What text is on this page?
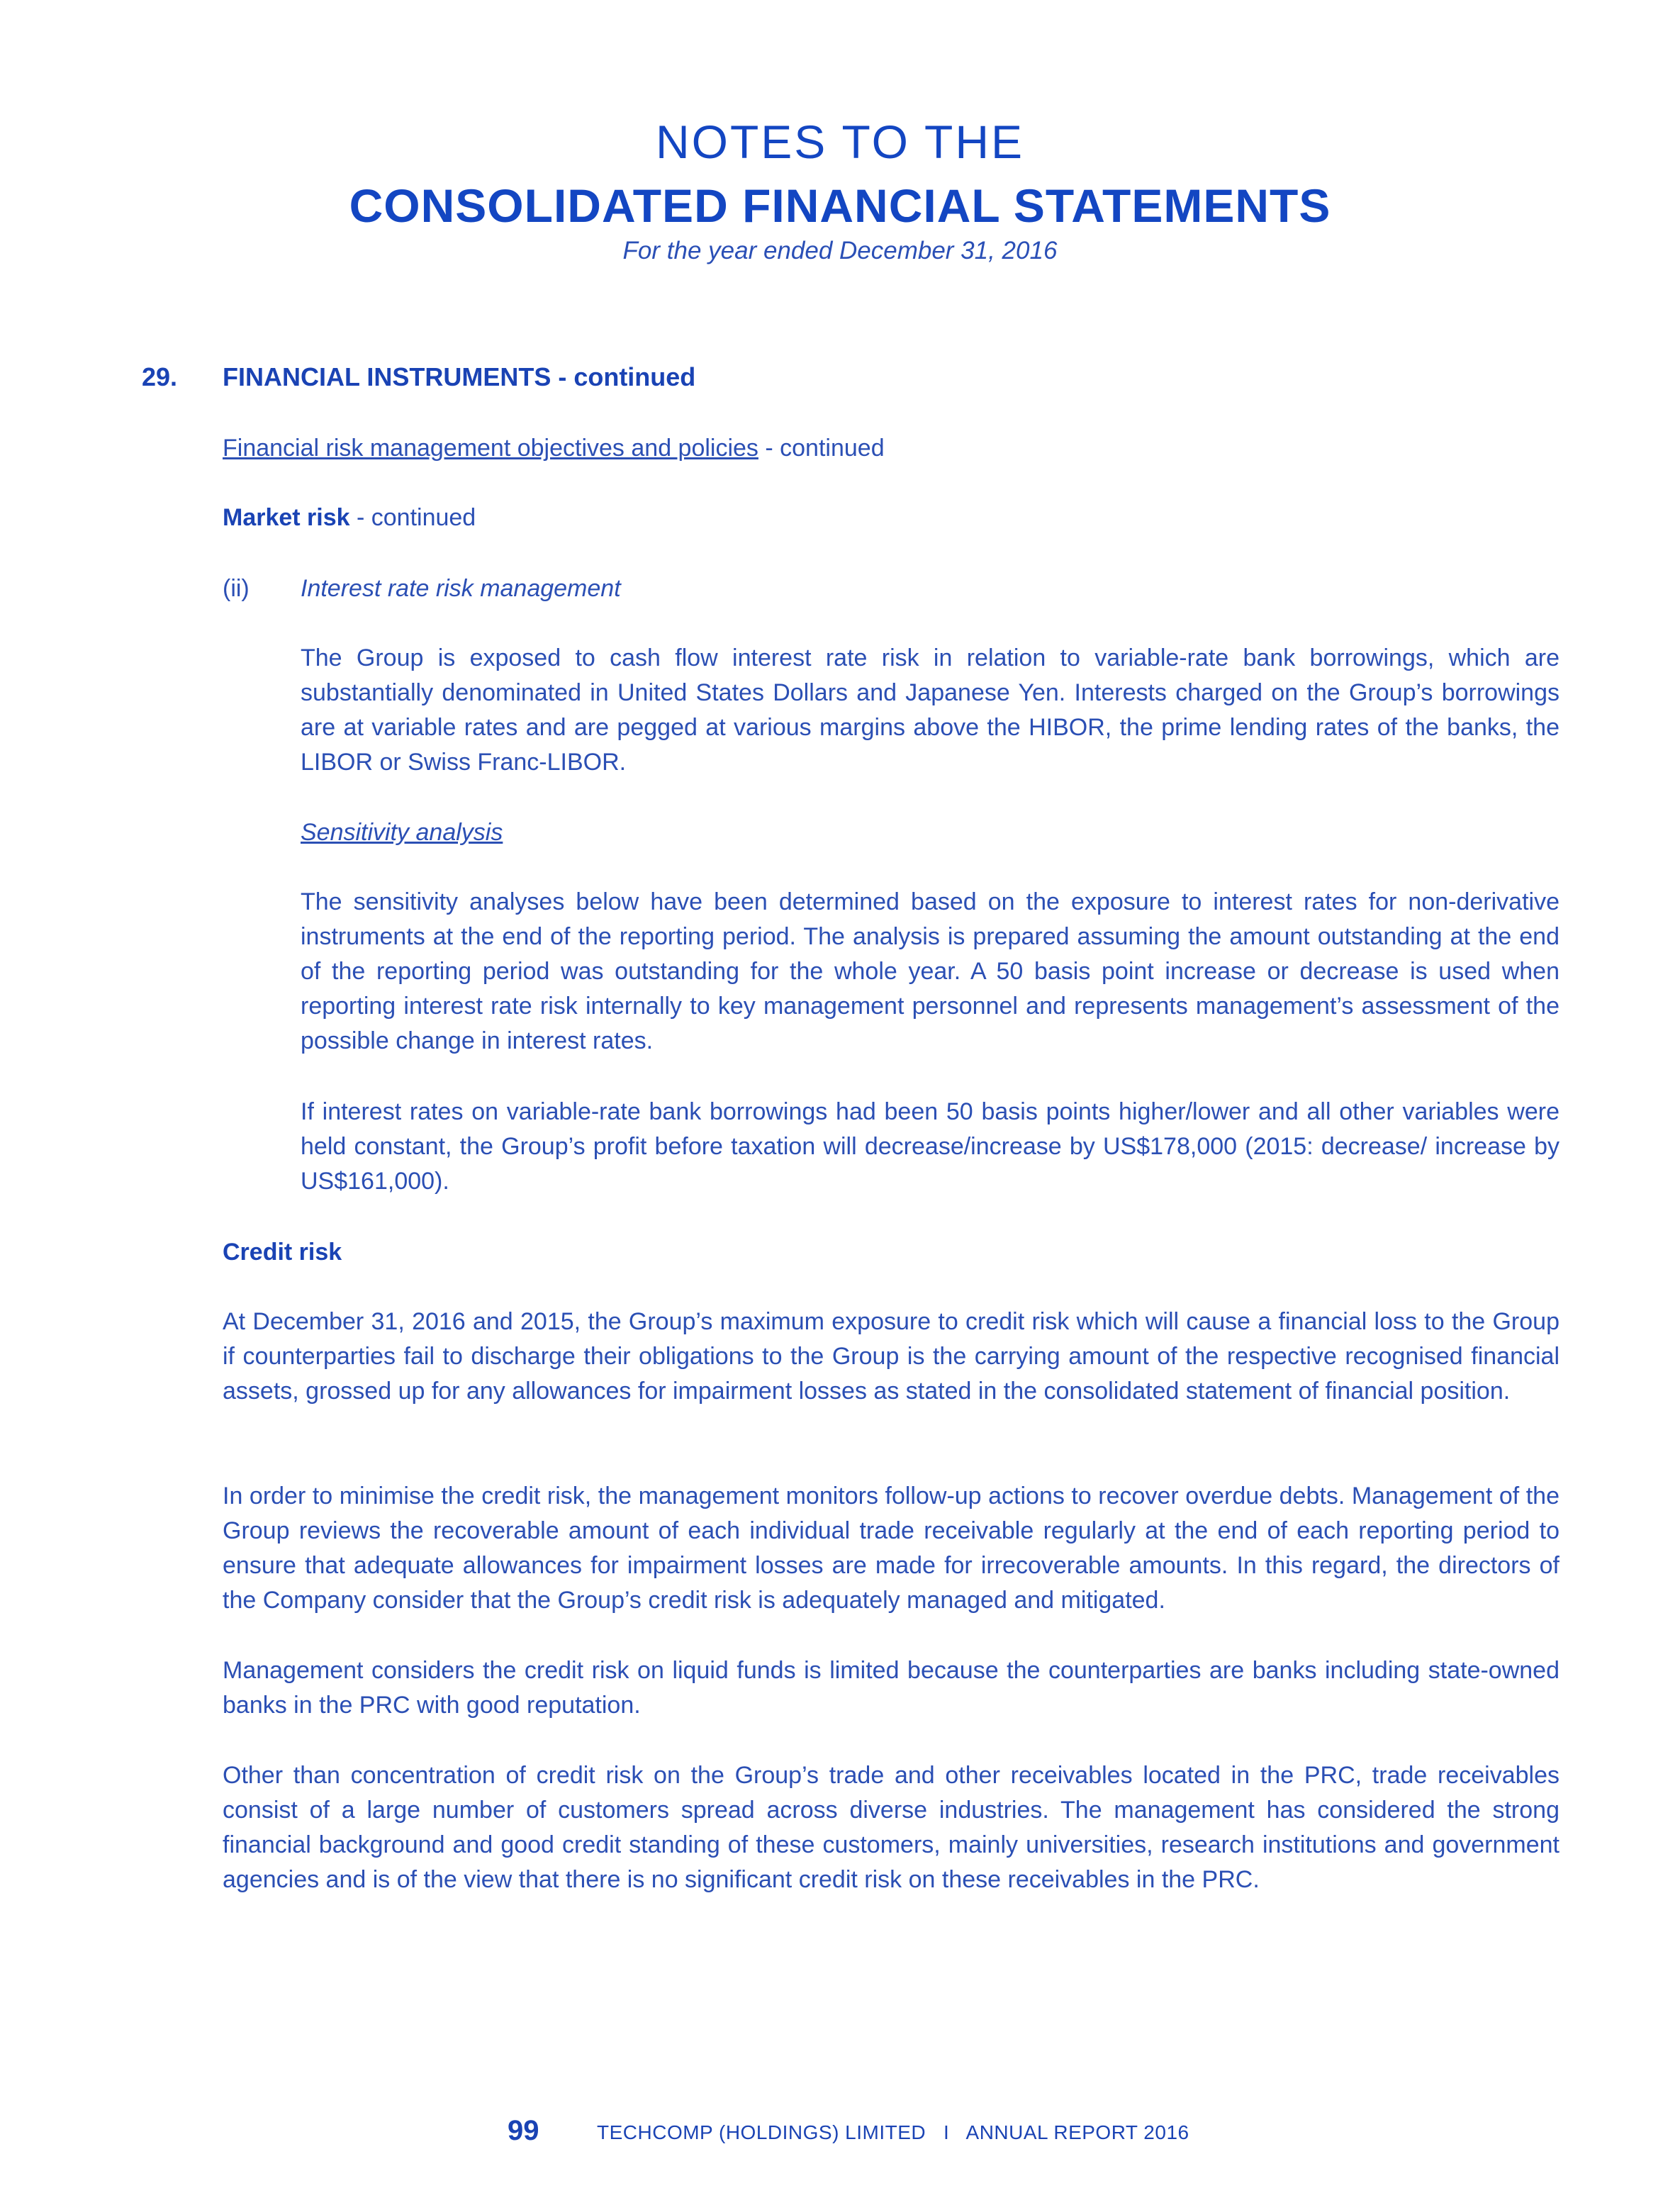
NOTES TO THE
CONSOLIDATED FINANCIAL STATEMENTS
For the year ended December 31, 2016
29. FINANCIAL INSTRUMENTS - continued
Financial risk management objectives and policies - continued
Market risk - continued
(ii) Interest rate risk management

The Group is exposed to cash flow interest rate risk in relation to variable-rate bank borrowings, which are substantially denominated in United States Dollars and Japanese Yen. Interests charged on the Group’s borrowings are at variable rates and are pegged at various margins above the HIBOR, the prime lending rates of the banks, the LIBOR or Swiss Franc-LIBOR.

Sensitivity analysis

The sensitivity analyses below have been determined based on the exposure to interest rates for non-derivative instruments at the end of the reporting period. The analysis is prepared assuming the amount outstanding at the end of the reporting period was outstanding for the whole year. A 50 basis point increase or decrease is used when reporting interest rate risk internally to key management personnel and represents management’s assessment of the possible change in interest rates.

If interest rates on variable-rate bank borrowings had been 50 basis points higher/lower and all other variables were held constant, the Group’s profit before taxation will decrease/increase by US$178,000 (2015: decrease/ increase by US$161,000).

Credit risk

At December 31, 2016 and 2015, the Group’s maximum exposure to credit risk which will cause a financial loss to the Group if counterparties fail to discharge their obligations to the Group is the carrying amount of the respective recognised financial assets, grossed up for any allowances for impairment losses as stated in the consolidated statement of financial position.

In order to minimise the credit risk, the management monitors follow-up actions to recover overdue debts. Management of the Group reviews the recoverable amount of each individual trade receivable regularly at the end of each reporting period to ensure that adequate allowances for impairment losses are made for irrecoverable amounts. In this regard, the directors of the Company consider that the Group’s credit risk is adequately managed and mitigated.

Management considers the credit risk on liquid funds is limited because the counterparties are banks including state-owned banks in the PRC with good reputation.

Other than concentration of credit risk on the Group’s trade and other receivables located in the PRC, trade receivables consist of a large number of customers spread across diverse industries. The management has considered the strong financial background and good credit standing of these customers, mainly universities, research institutions and government agencies and is of the view that there is no significant credit risk on these receivables in the PRC.

99	TECHCOMP (HOLDINGS) LIMITED   I   ANNUAL REPORT 2016
